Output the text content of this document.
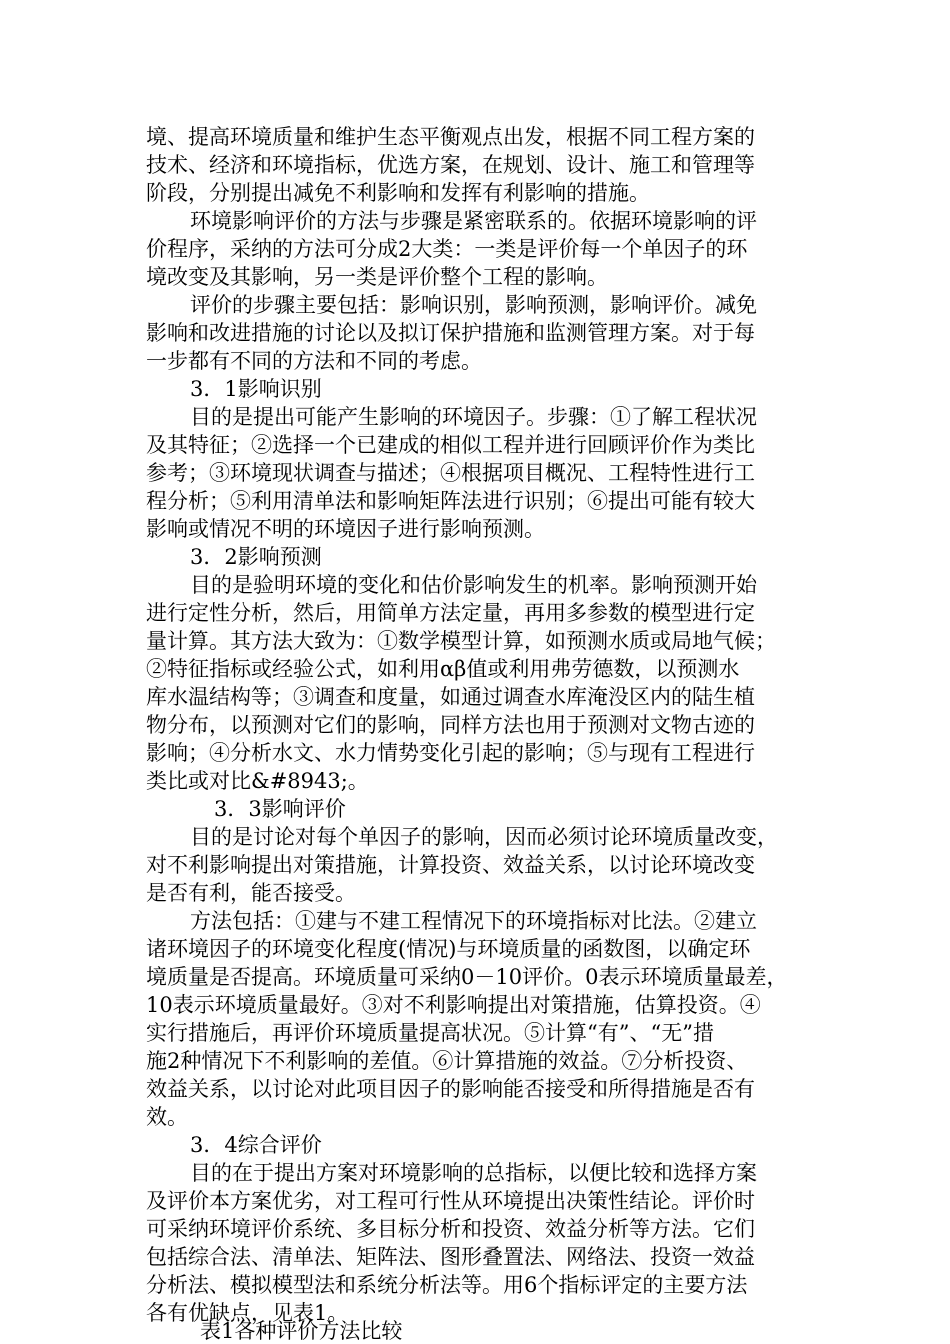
境、提高环境质量和维护生态平衡观点出发，根据不同工程方案的
技术、经济和环境指标，优选方案，在规划、设计、施工和管理等
阶段，分别提出减免不利影响和发挥有利影响的措施。
环境影响评价的方法与步骤是紧密联系的。依据环境影响的评
价程序，采纳的方法可分成2大类：一类是评价每一个单因子的环
境改变及其影响，另一类是评价整个工程的影响。
评价的步骤主要包括：影响识别，影响预测，影响评价。减免
影响和改进措施的讨论以及拟订保护措施和监测管理方案。对于每
一步都有不同的方法和不同的考虑。
3．1影响识别
目的是提出可能产生影响的环境因子。步骤：①了解工程状况
及其特征；②选择一个已建成的相似工程并进行回顾评价作为类比
参考；③环境现状调查与描述；④根据项目概况、工程特性进行工
程分析；⑤利用清单法和影响矩阵法进行识别；⑥提出可能有较大
影响或情况不明的环境因子进行影响预测。
3．2影响预测
目的是验明环境的变化和估价影响发生的机率。影响预测开始
进行定性分析，然后，用简单方法定量，再用多参数的模型进行定
量计算。其方法大致为：①数学模型计算，如预测水质或局地气候；
②特征指标或经验公式，如利用αβ值或利用弗劳德数，以预测水
库水温结构等；③调查和度量，如通过调查水库淹没区内的陆生植
物分布，以预测对它们的影响，同样方法也用于预测对文物古迹的
影响；④分析水文、水力情势变化引起的影响；⑤与现有工程进行
类比或对比&#8943;。
3．3影响评价
目的是讨论对每个单因子的影响，因而必须讨论环境质量改变，
对不利影响提出对策措施，计算投资、效益关系，以讨论环境改变
是否有利，能否接受。
方法包括：①建与不建工程情况下的环境指标对比法。②建立
诸环境因子的环境变化程度(情况)与环境质量的函数图，以确定环
境质量是否提高。环境质量可采纳0－10评价。0表示环境质量最差，
10表示环境质量最好。③对不利影响提出对策措施，估算投资。④
实行措施后，再评价环境质量提高状况。⑤计算“有”、“无”措
施2种情况下不利影响的差值。⑥计算措施的效益。⑦分析投资、
效益关系，以讨论对此项目因子的影响能否接受和所得措施是否有
效。
3．4综合评价
目的在于提出方案对环境影响的总指标，以便比较和选择方案
及评价本方案优劣，对工程可行性从环境提出决策性结论。评价时
可采纳环境评价系统、多目标分析和投资、效益分析等方法。它们
包括综合法、清单法、矩阵法、图形叠置法、网络法、投资一效益
分析法、模拟模型法和系统分析法等。用6个指标评定的主要方法
各有优缺点，见表1。
表1各种评价方法比较
